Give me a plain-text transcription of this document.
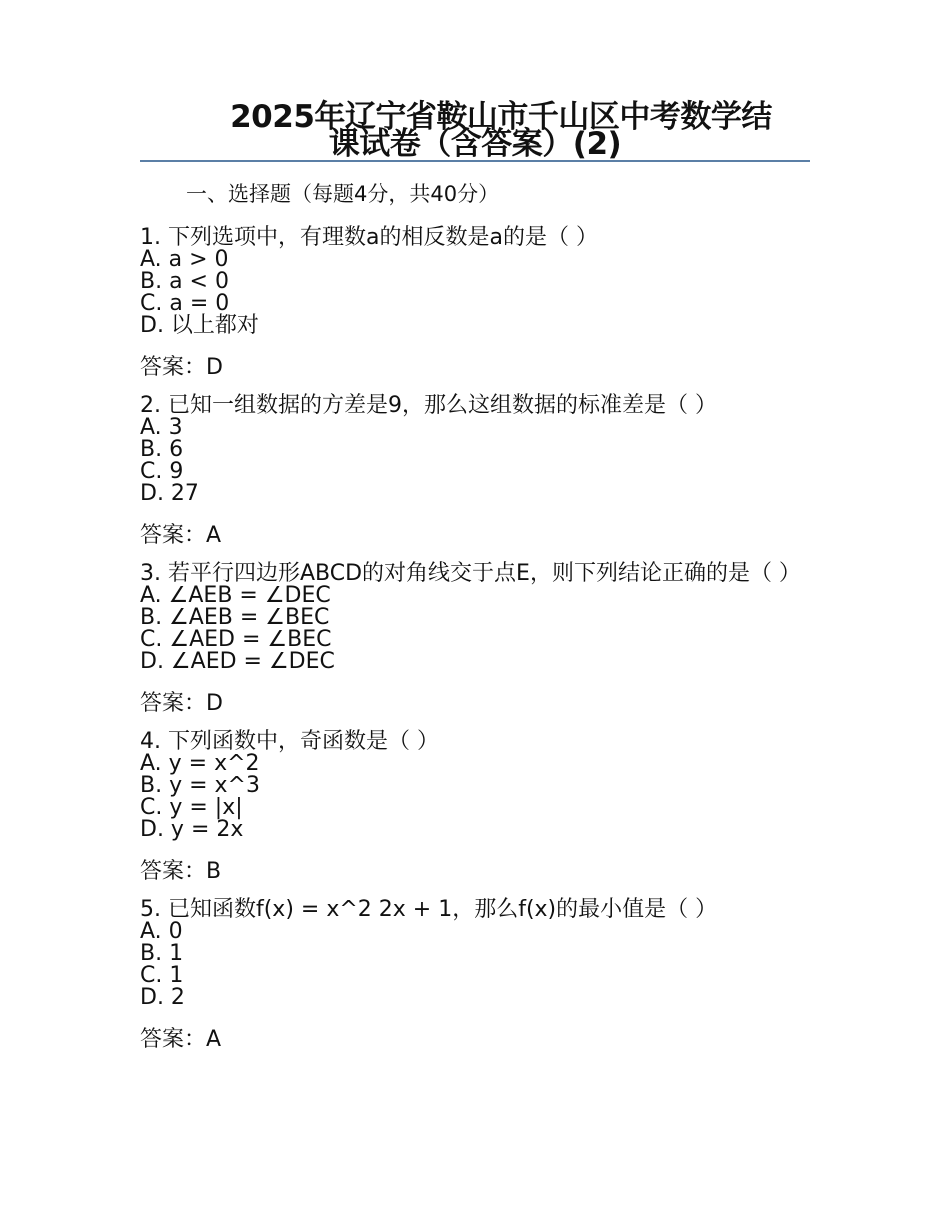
2025年辽宁省鞍山市千山区中考数学结
课试卷（含答案）(2)
一、选择题（每题4分，共40分）
1. 下列选项中，有理数a的相反数是a的是（ ）
A. a > 0
B. a < 0
C. a = 0
D. 以上都对
答案：D
2. 已知一组数据的方差是9，那么这组数据的标准差是（ ）
A. 3
B. 6
C. 9
D. 27
答案：A
3. 若平行四边形ABCD的对角线交于点E，则下列结论正确的是（ ）
A. ∠AEB = ∠DEC
B. ∠AEB = ∠BEC
C. ∠AED = ∠BEC
D. ∠AED = ∠DEC
答案：D
4. 下列函数中，奇函数是（ ）
A. y = x^2
B. y = x^3
C. y = |x|
D. y = 2x
答案：B
5. 已知函数f(x) = x^2 2x + 1，那么f(x)的最小值是（ ）
A. 0
B. 1
C. 1
D. 2
答案：A
